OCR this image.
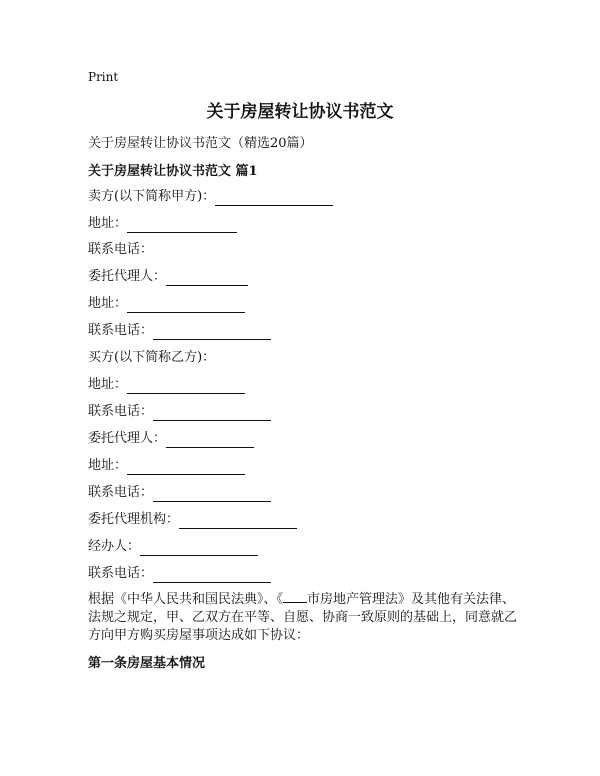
Print
关于房屋转让协议书范文
关于房屋转让协议书范文（精选20篇）
关于房屋转让协议书范文 篇1
卖方(以下简称甲方)：
地址：
联系电话：
委托代理人：
地址：
联系电话：
买方(以下简称乙方)：
地址：
联系电话：
委托代理人：
地址：
联系电话：
委托代理机构：
经办人：
联系电话：
根据《中华人民共和国民法典》、《 市房地产管理法》及其他有关法律、法规之规定，甲、乙双方在平等、自愿、协商一致原则的基础上，同意就乙方向甲方购买房屋事项达成如下协议：
第一条房屋基本情况
